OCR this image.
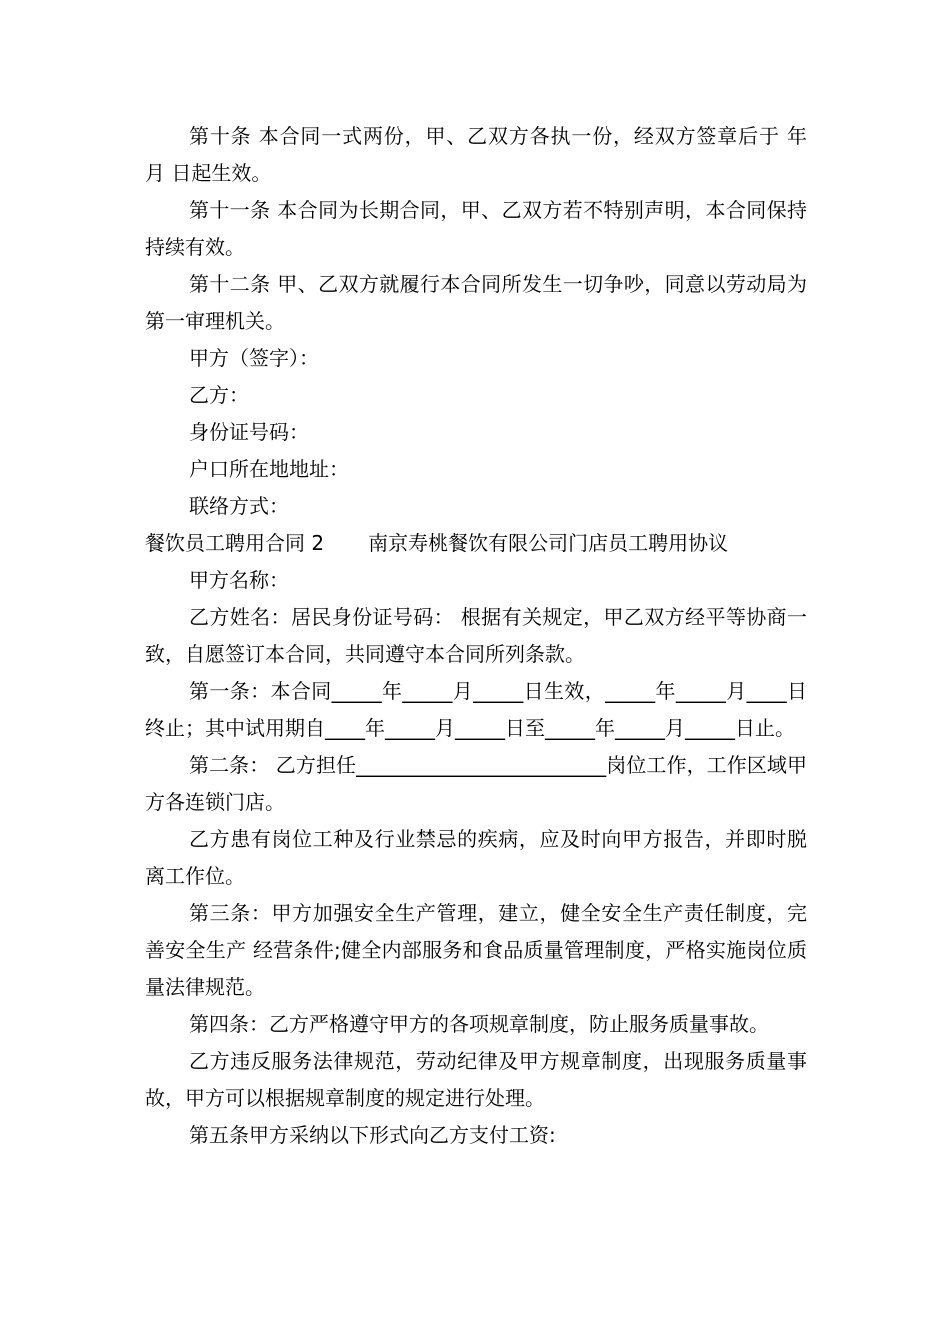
第十条 本合同一式两份，甲、乙双方各执一份，经双方签章后于 年 月 日起生效。

第十一条 本合同为长期合同，甲、乙双方若不特别声明，本合同保持持续有效。

第十二条 甲、乙双方就履行本合同所发生一切争吵，同意以劳动局为第一审理机关。

甲方（签字）：

乙方：

身份证号码：

户口所在地地址：

联络方式：

餐饮员工聘用合同 2 南京寿桃餐饮有限公司门店员工聘用协议

甲方名称：

乙方姓名：居民身份证号码： 根据有关规定，甲乙双方经平等协商一致，自愿签订本合同，共同遵守本合同所列条款。

第一条：本合同_____年_____月_____日生效，_____年_____月____日终止；其中试用期自____年_____月_____日至_____年_____月_____日止。

第二条： 乙方担任_________________________岗位工作，工作区域甲方各连锁门店。

乙方患有岗位工种及行业禁忌的疾病，应及时向甲方报告，并即时脱离工作位。

第三条：甲方加强安全生产管理，建立，健全安全生产责任制度，完善安全生产 经营条件;健全内部服务和食品质量管理制度，严格实施岗位质量法律规范。

第四条：乙方严格遵守甲方的各项规章制度，防止服务质量事故。

乙方违反服务法律规范，劳动纪律及甲方规章制度，出现服务质量事故，甲方可以根据规章制度的规定进行处理。

第五条甲方采纳以下形式向乙方支付工资:
